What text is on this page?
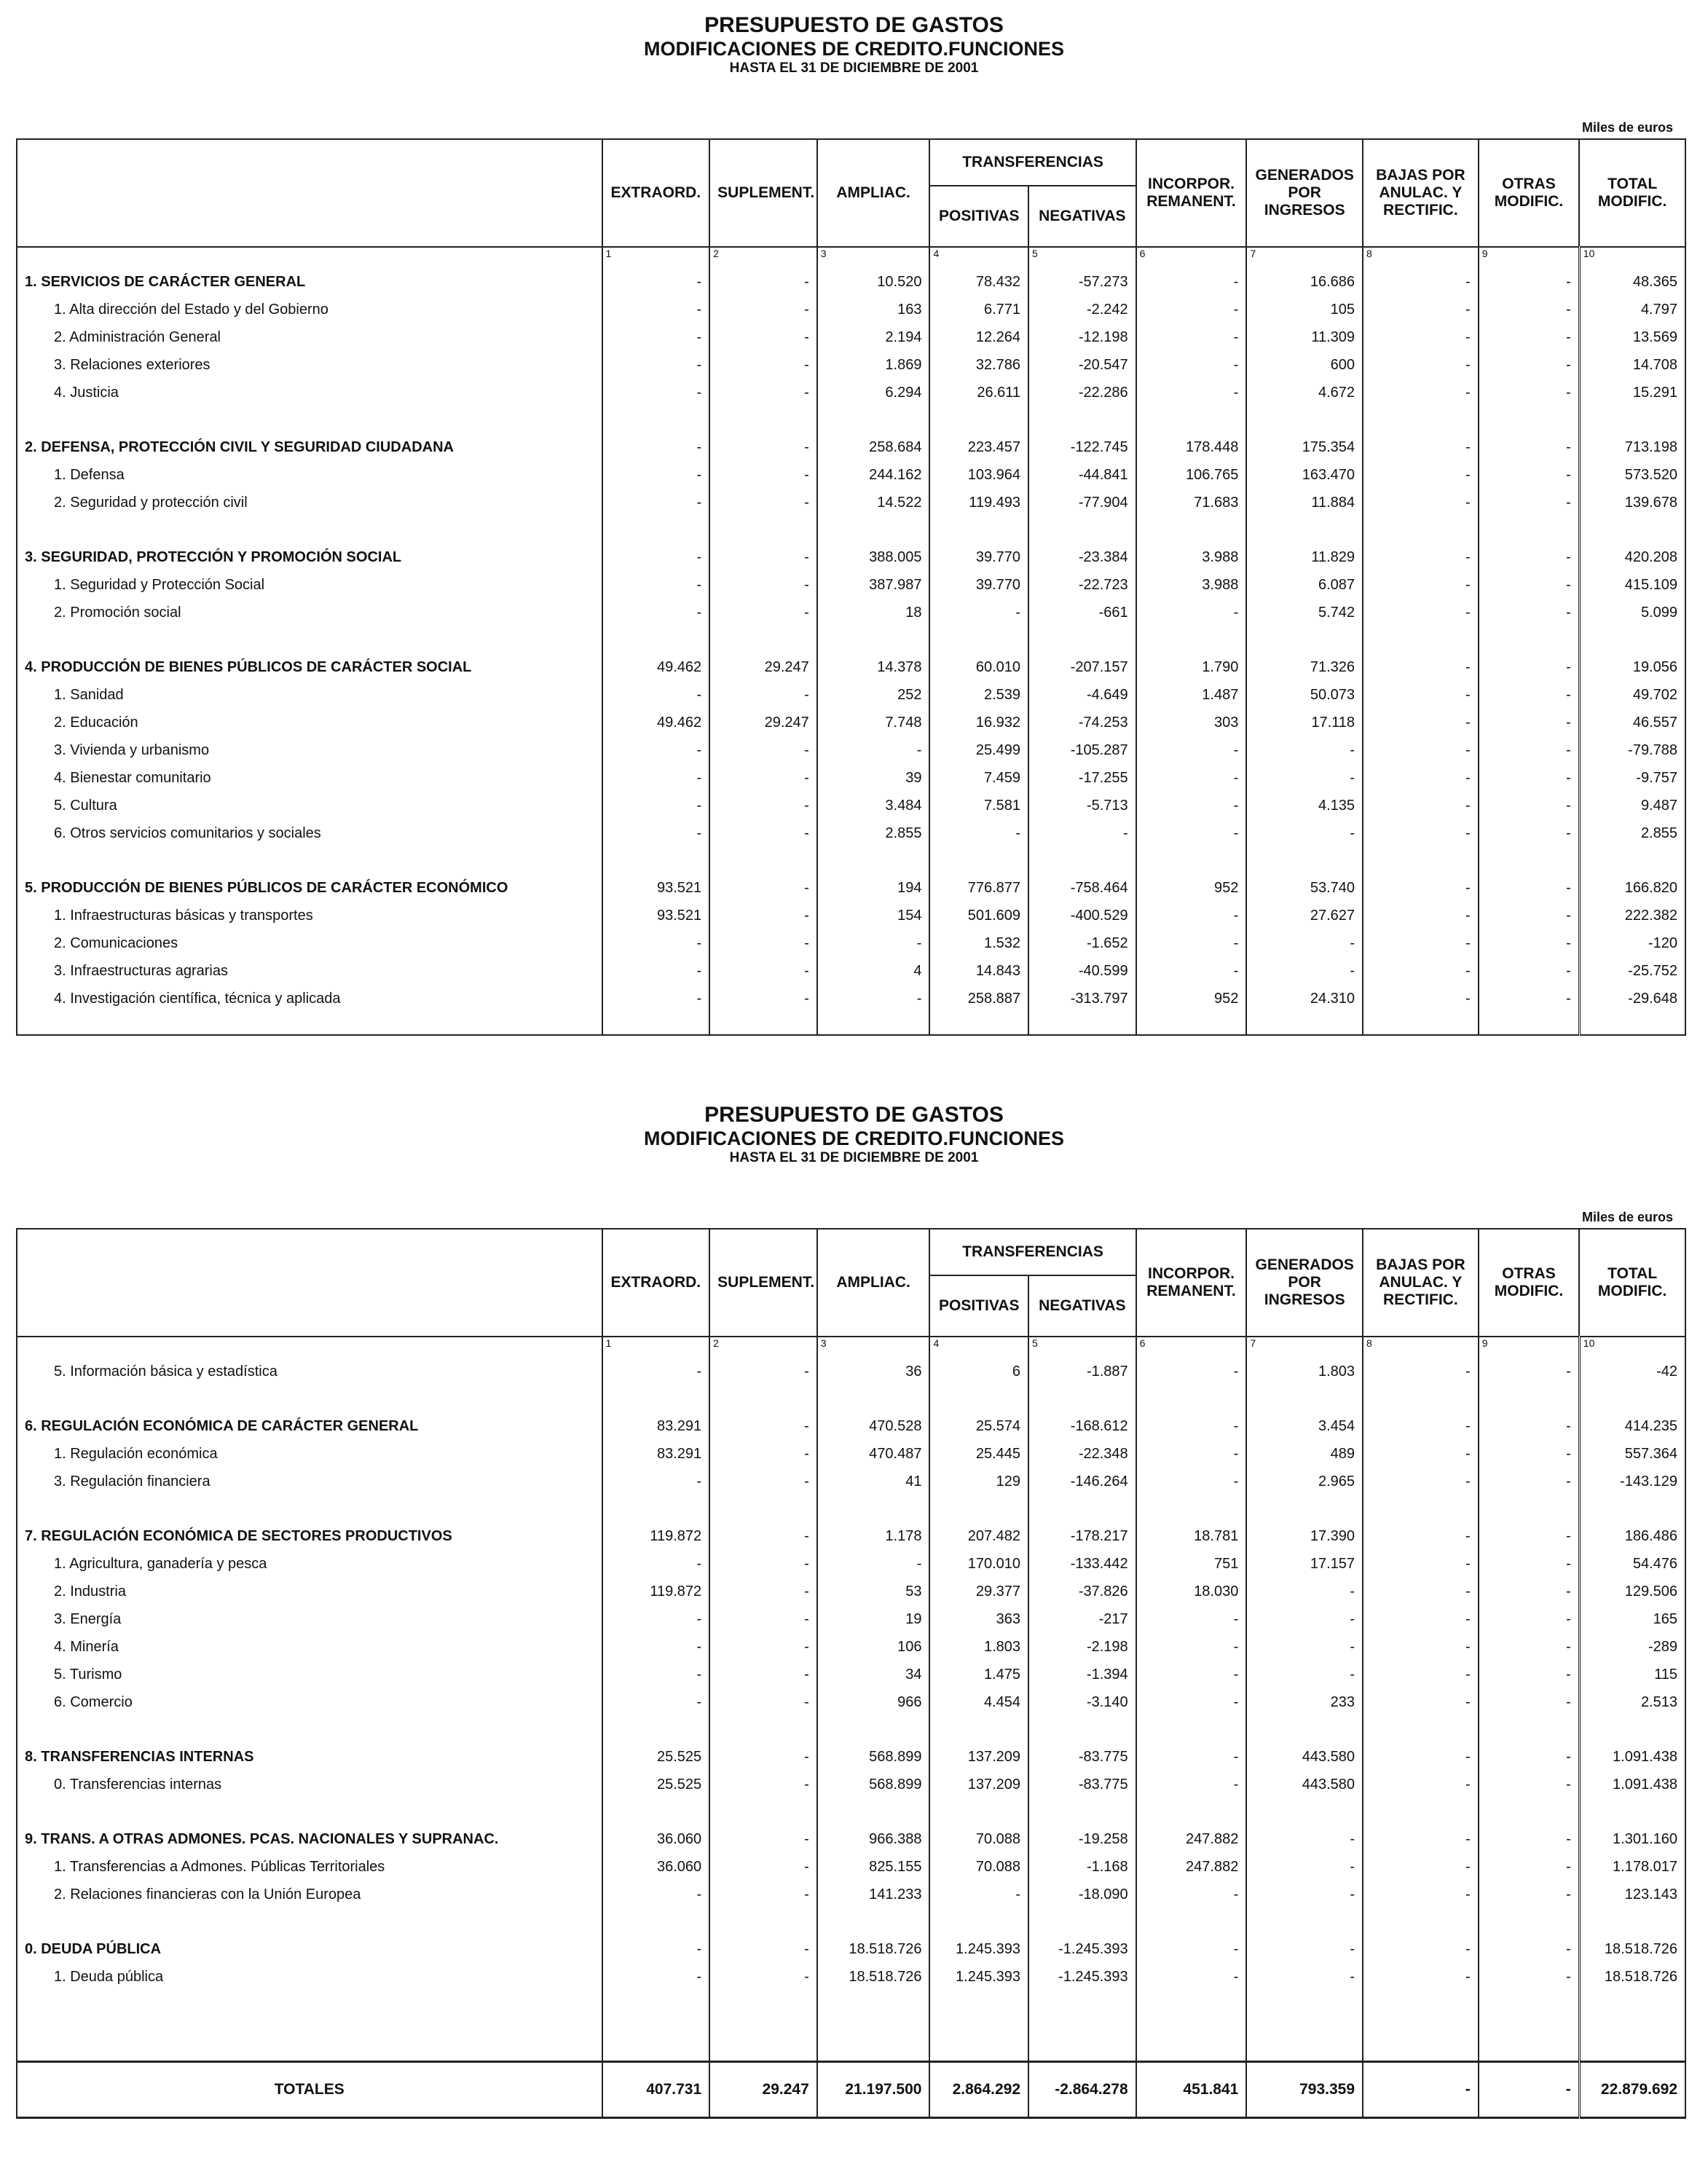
PRESUPUESTO DE GASTOS
MODIFICACIONES DE CREDITO.FUNCIONES
HASTA EL 31 DE DICIEMBRE DE 2001
Miles de euros
	EXTRAORD.	SUPLEMENT.	AMPLIAC.	TRANSFERENCIAS		INCORPOR. REMANENT.	GENERADOS POR INGRESOS	BAJAS POR ANULAC. Y RECTIFIC.	OTRAS MODIFIC.	TOTAL MODIFIC.
				POSITIVAS	NEGATIVAS					
	1	2	3	4	5	6	7	8	9	10
1. SERVICIOS DE CARÁCTER GENERAL	-	-	10.520	78.432	-57.273	-	16.686	-	-	48.365
1. Alta dirección del Estado y del Gobierno	-	-	163	6.771	-2.242	-	105	-	-	4.797
2. Administración General	-	-	2.194	12.264	-12.198	-	11.309	-	-	13.569
3. Relaciones exteriores	-	-	1.869	32.786	-20.547	-	600	-	-	14.708
4. Justicia	-	-	6.294	26.611	-22.286	-	4.672	-	-	15.291

2. DEFENSA, PROTECCIÓN CIVIL Y SEGURIDAD CIUDADANA	-	-	258.684	223.457	-122.745	178.448	175.354	-	-	713.198
1. Defensa	-	-	244.162	103.964	-44.841	106.765	163.470	-	-	573.520
2. Seguridad y protección civil	-	-	14.522	119.493	-77.904	71.683	11.884	-	-	139.678

3. SEGURIDAD, PROTECCIÓN Y PROMOCIÓN SOCIAL	-	-	388.005	39.770	-23.384	3.988	11.829	-	-	420.208
1. Seguridad y Protección Social	-	-	387.987	39.770	-22.723	3.988	6.087	-	-	415.109
2. Promoción social	-	-	18	-	-661	-	5.742	-	-	5.099

4. PRODUCCIÓN DE BIENES PÚBLICOS DE CARÁCTER SOCIAL	49.462	29.247	14.378	60.010	-207.157	1.790	71.326	-	-	19.056
1. Sanidad	-	-	252	2.539	-4.649	1.487	50.073	-	-	49.702
2. Educación	49.462	29.247	7.748	16.932	-74.253	303	17.118	-	-	46.557
3. Vivienda y urbanismo	-	-	-	25.499	-105.287	-	-	-	-	-79.788
4. Bienestar comunitario	-	-	39	7.459	-17.255	-	-	-	-	-9.757
5. Cultura	-	-	3.484	7.581	-5.713	-	4.135	-	-	9.487
6. Otros servicios comunitarios y sociales	-	-	2.855	-	-	-	-	-	-	2.855

5. PRODUCCIÓN DE BIENES PÚBLICOS DE CARÁCTER ECONÓMICO	93.521	-	194	776.877	-758.464	952	53.740	-	-	166.820
1. Infraestructuras básicas y transportes	93.521	-	154	501.609	-400.529	-	27.627	-	-	222.382
2. Comunicaciones	-	-	-	1.532	-1.652	-	-	-	-	-120
3. Infraestructuras agrarias	-	-	4	14.843	-40.599	-	-	-	-	-25.752
4. Investigación científica, técnica y aplicada	-	-	-	258.887	-313.797	952	24.310	-	-	-29.648

PRESUPUESTO DE GASTOS
MODIFICACIONES DE CREDITO.FUNCIONES
HASTA EL 31 DE DICIEMBRE DE 2001
Miles de euros
	EXTRAORD.	SUPLEMENT.	AMPLIAC.	TRANSFERENCIAS		INCORPOR. REMANENT.	GENERADOS POR INGRESOS	BAJAS POR ANULAC. Y RECTIFIC.	OTRAS MODIFIC.	TOTAL MODIFIC.
				POSITIVAS	NEGATIVAS					
	1	2	3	4	5	6	7	8	9	10
5. Información básica y estadística	-	-	36	6	-1.887	-	1.803	-	-	-42

6. REGULACIÓN ECONÓMICA DE CARÁCTER GENERAL	83.291	-	470.528	25.574	-168.612	-	3.454	-	-	414.235
1. Regulación económica	83.291	-	470.487	25.445	-22.348	-	489	-	-	557.364
3. Regulación financiera	-	-	41	129	-146.264	-	2.965	-	-	-143.129

7. REGULACIÓN ECONÓMICA DE SECTORES PRODUCTIVOS	119.872	-	1.178	207.482	-178.217	18.781	17.390	-	-	186.486
1. Agricultura, ganadería y pesca	-	-	-	170.010	-133.442	751	17.157	-	-	54.476
2. Industria	119.872	-	53	29.377	-37.826	18.030	-	-	-	129.506
3. Energía	-	-	19	363	-217	-	-	-	-	165
4. Minería	-	-	106	1.803	-2.198	-	-	-	-	-289
5. Turismo	-	-	34	1.475	-1.394	-	-	-	-	115
6. Comercio	-	-	966	4.454	-3.140	-	233	-	-	2.513

8. TRANSFERENCIAS INTERNAS	25.525	-	568.899	137.209	-83.775	-	443.580	-	-	1.091.438
0. Transferencias internas	25.525	-	568.899	137.209	-83.775	-	443.580	-	-	1.091.438

9. TRANS. A OTRAS ADMONES. PCAS. NACIONALES Y SUPRANAC.	36.060	-	966.388	70.088	-19.258	247.882	-	-	-	1.301.160
1. Transferencias a Admones. Públicas Territoriales	36.060	-	825.155	70.088	-1.168	247.882	-	-	-	1.178.017
2. Relaciones financieras con la Unión Europea	-	-	141.233	-	-18.090	-	-	-	-	123.143

0. DEUDA PÚBLICA	-	-	18.518.726	1.245.393	-1.245.393	-	-	-	-	18.518.726
1. Deuda pública	-	-	18.518.726	1.245.393	-1.245.393	-	-	-	-	18.518.726

TOTALES	407.731	29.247	21.197.500	2.864.292	-2.864.278	451.841	793.359	-	-	22.879.692
